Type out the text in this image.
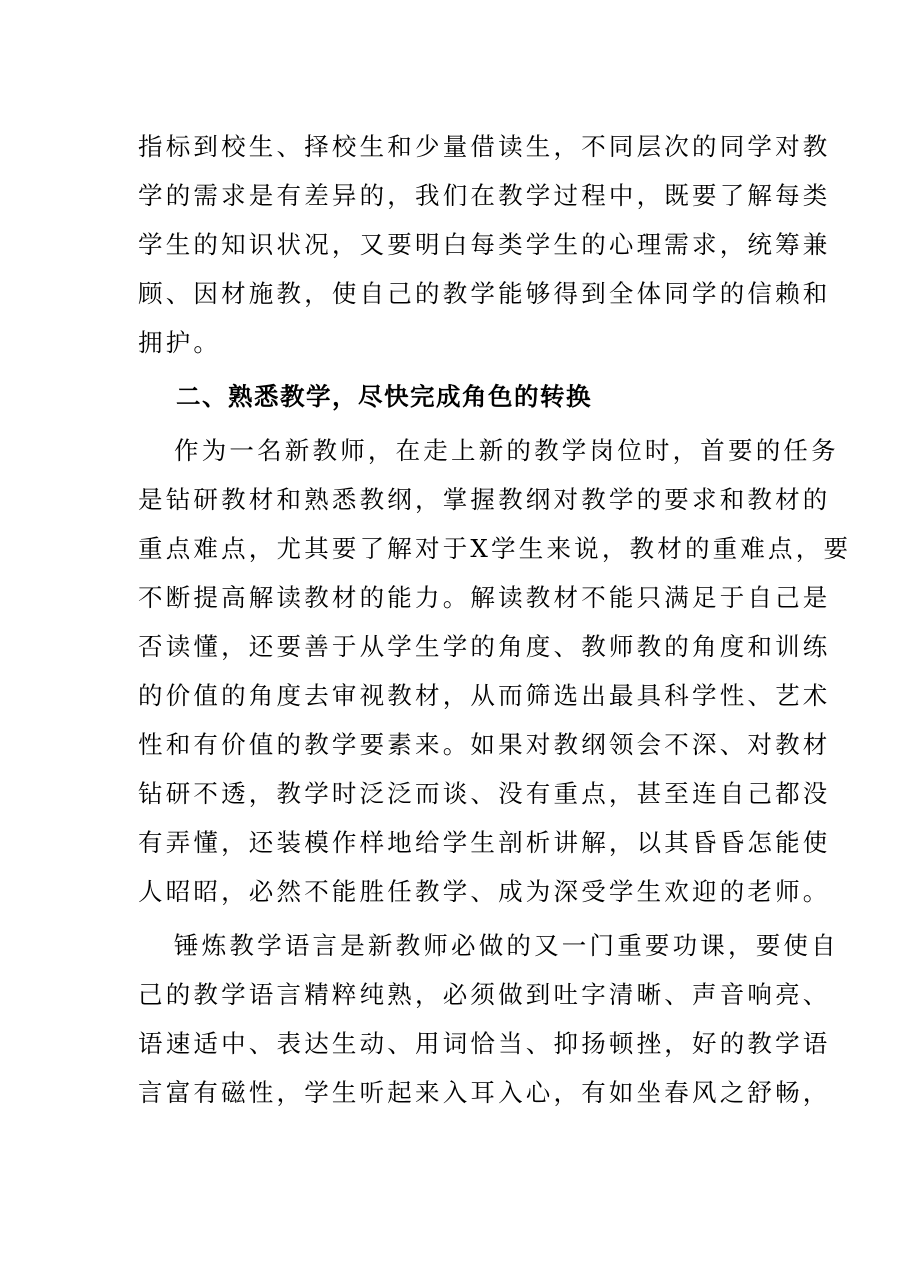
指标到校生、择校生和少量借读生，不同层次的同学对教
学的需求是有差异的，我们在教学过程中，既要了解每类
学生的知识状况，又要明白每类学生的心理需求，统筹兼
顾、因材施教，使自己的教学能够得到全体同学的信赖和
拥护。
二、熟悉教学，尽快完成角色的转换
作为一名新教师，在走上新的教学岗位时，首要的任务
是钻研教材和熟悉教纲，掌握教纲对教学的要求和教材的
重点难点，尤其要了解对于X学生来说，教材的重难点，要
不断提高解读教材的能力。解读教材不能只满足于自己是
否读懂，还要善于从学生学的角度、教师教的角度和训练
的价值的角度去审视教材，从而筛选出最具科学性、艺术
性和有价值的教学要素来。如果对教纲领会不深、对教材
钻研不透，教学时泛泛而谈、没有重点，甚至连自己都没
有弄懂，还装模作样地给学生剖析讲解，以其昏昏怎能使
人昭昭，必然不能胜任教学、成为深受学生欢迎的老师。
锤炼教学语言是新教师必做的又一门重要功课，要使自
己的教学语言精粹纯熟，必须做到吐字清晰、声音响亮、
语速适中、表达生动、用词恰当、抑扬顿挫，好的教学语
言富有磁性，学生听起来入耳入心，有如坐春风之舒畅，
